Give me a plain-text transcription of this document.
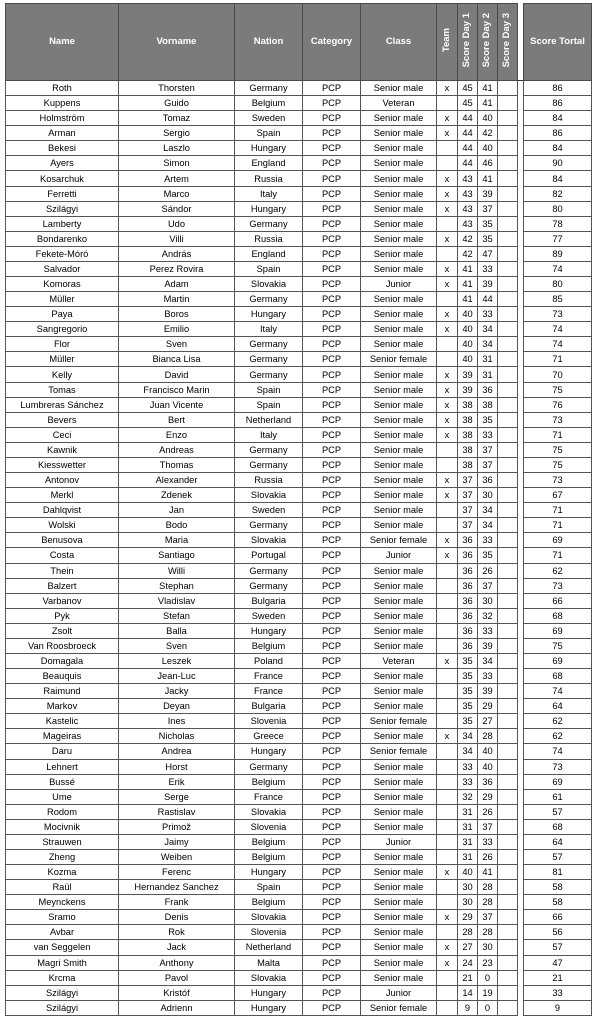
Name	Vorname	Nation	Category	Class	Team	Score Day 1	Score Day 2	Score Day 3		Score Tortal
Roth	Thorsten	Germany	PCP	Senior male	x	45	41			86
Kuppens	Guido	Belgium	PCP	Veteran		45	41			86
Holmström	Tomaz	Sweden	PCP	Senior male	x	44	40			84
Arman	Sergio	Spain	PCP	Senior male	x	44	42			86
Bekesi	Laszlo	Hungary	PCP	Senior male		44	40			84
Ayers	Simon	England	PCP	Senior male		44	46			90
Kosarchuk	Artem	Russia	PCP	Senior male	x	43	41			84
Ferretti	Marco	Italy	PCP	Senior male	x	43	39			82
Szilágyi	Sándor	Hungary	PCP	Senior male	x	43	37			80
Lamberty	Udo	Germany	PCP	Senior male		43	35			78
Bondarenko	Villi	Russia	PCP	Senior male	x	42	35			77
Fekete-Móró	András	England	PCP	Senior male		42	47			89
Salvador	Perez Rovira	Spain	PCP	Senior male	x	41	33			74
Komoras	Adam	Slovakia	PCP	Junior	x	41	39			80
Müller	Martin	Germany	PCP	Senior male		41	44			85
Paya	Boros	Hungary	PCP	Senior male	x	40	33			73
Sangregorio	Emilio	Italy	PCP	Senior male	x	40	34			74
Flor	Sven	Germany	PCP	Senior male		40	34			74
Müller	Bianca Lisa	Germany	PCP	Senior female		40	31			71
Kelly	David	Germany	PCP	Senior male	x	39	31			70
Tomas	Francisco Marin	Spain	PCP	Senior male	x	39	36			75
Lumbreras Sánchez	Juan Vicente	Spain	PCP	Senior male	x	38	38			76
Bevers	Bert	Netherland	PCP	Senior male	x	38	35			73
Ceci	Enzo	Italy	PCP	Senior male	x	38	33			71
Kawnik	Andreas	Germany	PCP	Senior male		38	37			75
Kiesswetter	Thomas	Germany	PCP	Senior male		38	37			75
Antonov	Alexander	Russia	PCP	Senior male	x	37	36			73
Merkl	Zdenek	Slovakia	PCP	Senior male	x	37	30			67
Dahlqvist	Jan	Sweden	PCP	Senior male		37	34			71
Wolski	Bodo	Germany	PCP	Senior male		37	34			71
Benusova	Maria	Slovakia	PCP	Senior female	x	36	33			69
Costa	Santiago	Portugal	PCP	Junior	x	36	35			71
Thein	Willi	Germany	PCP	Senior male		36	26			62
Balzert	Stephan	Germany	PCP	Senior male		36	37			73
Varbanov	Vladislav	Bulgaria	PCP	Senior male		36	30			66
Pyk	Stefan	Sweden	PCP	Senior male		36	32			68
Zsolt	Balla	Hungary	PCP	Senior male		36	33			69
Van Roosbroeck	Sven	Belgium	PCP	Senior male		36	39			75
Domagala	Leszek	Poland	PCP	Veteran	x	35	34			69
Beauquis	Jean-Luc	France	PCP	Senior male		35	33			68
Raimund	Jacky	France	PCP	Senior male		35	39			74
Markov	Deyan	Bulgaria	PCP	Senior male		35	29			64
Kastelic	Ines	Slovenia	PCP	Senior female		35	27			62
Mageiras	Nicholas	Greece	PCP	Senior male	x	34	28			62
Daru	Andrea	Hungary	PCP	Senior female		34	40			74
Lehnert	Horst	Germany	PCP	Senior male		33	40			73
Bussé	Erik	Belgium	PCP	Senior male		33	36			69
Ume	Serge	France	PCP	Senior male		32	29			61
Rodom	Rastislav	Slovakia	PCP	Senior male		31	26			57
Mocivnik	Primož	Slovenia	PCP	Senior male		31	37			68
Strauwen	Jaimy	Belgium	PCP	Junior		31	33			64
Zheng	Weiben	Belgium	PCP	Senior male		31	26			57
Kozma	Ferenc	Hungary	PCP	Senior male	x	40	41			81
Raül	Hernandez Sanchez	Spain	PCP	Senior male		30	28			58
Meynckens	Frank	Belgium	PCP	Senior male		30	28			58
Sramo	Denis	Slovakia	PCP	Senior male	x	29	37			66
Avbar	Rok	Slovenia	PCP	Senior male		28	28			56
van Seggelen	Jack	Netherland	PCP	Senior male	x	27	30			57
Magri Smith	Anthony	Malta	PCP	Senior male	x	24	23			47
Krcma	Pavol	Slovakia	PCP	Senior male		21	0			21
Szilágyi	Kristóf	Hungary	PCP	Junior		14	19			33
Szilágyi	Adrienn	Hungary	PCP	Senior female		9	0			9
